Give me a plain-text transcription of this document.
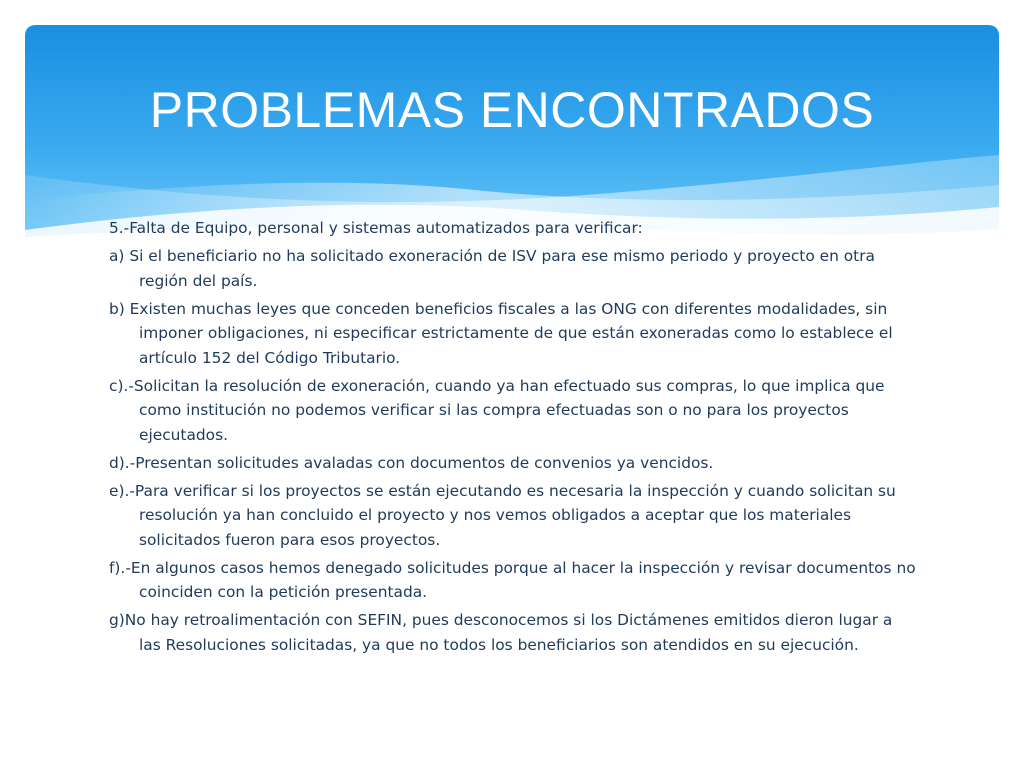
PROBLEMAS ENCONTRADOS
5.-Falta de Equipo, personal y sistemas automatizados para verificar:
a) Si el beneficiario no ha solicitado exoneración de ISV para ese mismo periodo y proyecto en otra región del país.
b) Existen muchas leyes que conceden beneficios fiscales a las ONG con diferentes modalidades, sin imponer obligaciones, ni especificar estrictamente de que están exoneradas como lo establece el artículo 152 del Código Tributario.
c).-Solicitan la resolución de exoneración, cuando ya han efectuado sus compras, lo que implica que como institución no podemos verificar si las compra efectuadas son o no para los proyectos ejecutados.
d).-Presentan solicitudes avaladas con documentos de convenios ya vencidos.
e).-Para verificar si los proyectos se están ejecutando es necesaria la inspección y cuando solicitan su resolución ya han concluido el proyecto y nos vemos obligados a aceptar que los materiales solicitados fueron para esos proyectos.
f).-En algunos casos hemos denegado solicitudes porque al hacer la inspección y revisar documentos no coinciden con la petición presentada.
g)No hay retroalimentación con SEFIN, pues desconocemos si los Dictámenes emitidos dieron lugar a las Resoluciones solicitadas, ya que no todos los beneficiarios son atendidos en su ejecución.
